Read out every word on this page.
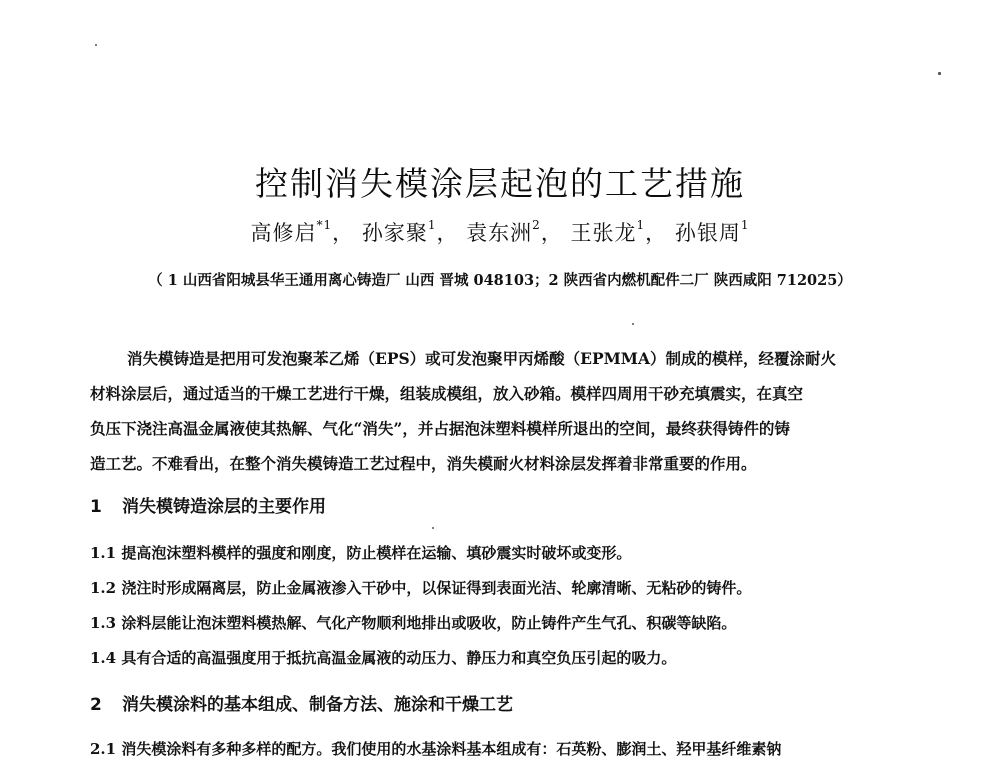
控制消失模涂层起泡的工艺措施
高修启$^{*1}$， 孙家聚$^1$， 袁东洲$^2$， 王张龙$^1$， 孙银周$^1$
（ 1 山西省阳城县华王通用离心铸造厂 山西 晋城 048103；2 陕西省内燃机配件二厂 陕西咸阳 712025）
消失模铸造是把用可发泡聚苯乙烯（EPS）或可发泡聚甲丙烯酸（EPMMA）制成的模样，经覆涂耐火
材料涂层后，通过适当的干燥工艺进行干燥，组装成模组，放入砂箱。模样四周用干砂充填震实，在真空
负压下浇注高温金属液使其热解、气化“消失”，并占据泡沫塑料模样所退出的空间，最终获得铸件的铸
造工艺。不难看出，在整个消失模铸造工艺过程中，消失模耐火材料涂层发挥着非常重要的作用。
1 消失模铸造涂层的主要作用
1.1 提高泡沫塑料模样的强度和刚度，防止模样在运输、填砂震实时破坏或变形。
1.2 浇注时形成隔离层，防止金属液渗入干砂中，以保证得到表面光洁、轮廓清晰、无粘砂的铸件。
1.3 涂料层能让泡沫塑料模热解、气化产物顺利地排出或吸收，防止铸件产生气孔、积碳等缺陷。
1.4 具有合适的高温强度用于抵抗高温金属液的动压力、静压力和真空负压引起的吸力。
2 消失模涂料的基本组成、制备方法、施涂和干燥工艺
2.1 消失模涂料有多种多样的配方。我们使用的水基涂料基本组成有：石英粉、膨润土、羟甲基纤维素钠
